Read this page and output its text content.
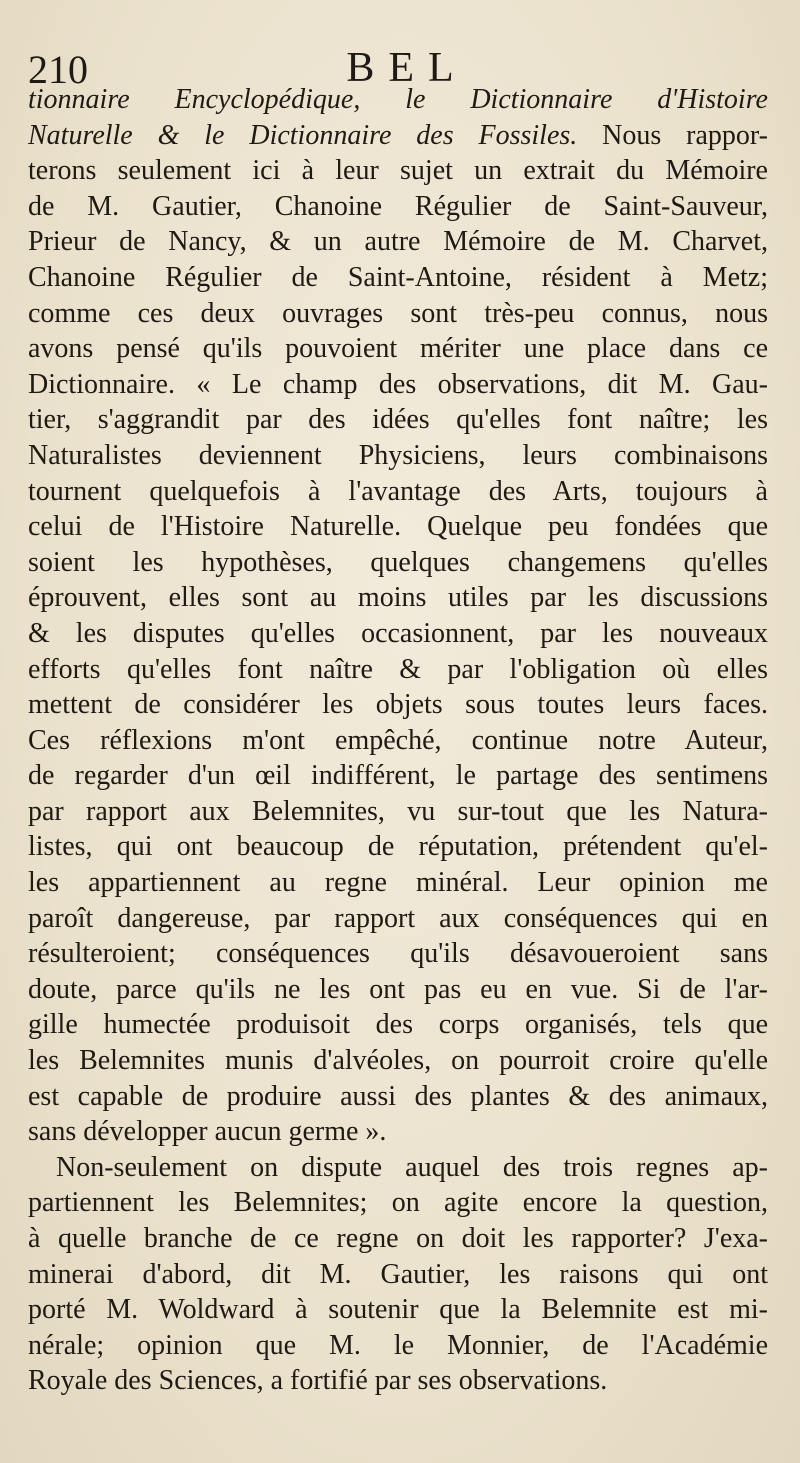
210	BEL
tionnaire Encyclopédique, le Dictionnaire d'Histoire
Naturelle & le Dictionnaire des Fossiles. Nous rappor-
terons seulement ici à leur sujet un extrait du Mémoire
de M. Gautier, Chanoine Régulier de Saint-Sauveur,
Prieur de Nancy, & un autre Mémoire de M. Charvet,
Chanoine Régulier de Saint-Antoine, résident à Metz;
comme ces deux ouvrages sont très-peu connus, nous
avons pensé qu'ils pouvoient mériter une place dans ce
Dictionnaire. « Le champ des observations, dit M. Gau-
tier, s'aggrandit par des idées qu'elles font naître; les
Naturalistes deviennent Physiciens, leurs combinaisons
tournent quelquefois à l'avantage des Arts, toujours à
celui de l'Histoire Naturelle. Quelque peu fondées que
soient les hypothèses, quelques changemens qu'elles
éprouvent, elles sont au moins utiles par les discussions
& les disputes qu'elles occasionnent, par les nouveaux
efforts qu'elles font naître & par l'obligation où elles
mettent de considérer les objets sous toutes leurs faces.
Ces réflexions m'ont empêché, continue notre Auteur,
de regarder d'un œil indifférent, le partage des sentimens
par rapport aux Belemnites, vu sur-tout que les Natura-
listes, qui ont beaucoup de réputation, prétendent qu'el-
les appartiennent au regne minéral. Leur opinion me
paroît dangereuse, par rapport aux conséquences qui en
résulteroient; conséquences qu'ils désavoueroient sans
doute, parce qu'ils ne les ont pas eu en vue. Si de l'ar-
gille humectée produisoit des corps organisés, tels que
les Belemnites munis d'alvéoles, on pourroit croire qu'elle
est capable de produire aussi des plantes & des animaux,
sans développer aucun germe ».
Non-seulement on dispute auquel des trois regnes ap-
partiennent les Belemnites; on agite encore la question,
à quelle branche de ce regne on doit les rapporter? J'exa-
minerai d'abord, dit M. Gautier, les raisons qui ont
porté M. Woldward à soutenir que la Belemnite est mi-
nérale; opinion que M. le Monnier, de l'Académie
Royale des Sciences, a fortifié par ses observations.
